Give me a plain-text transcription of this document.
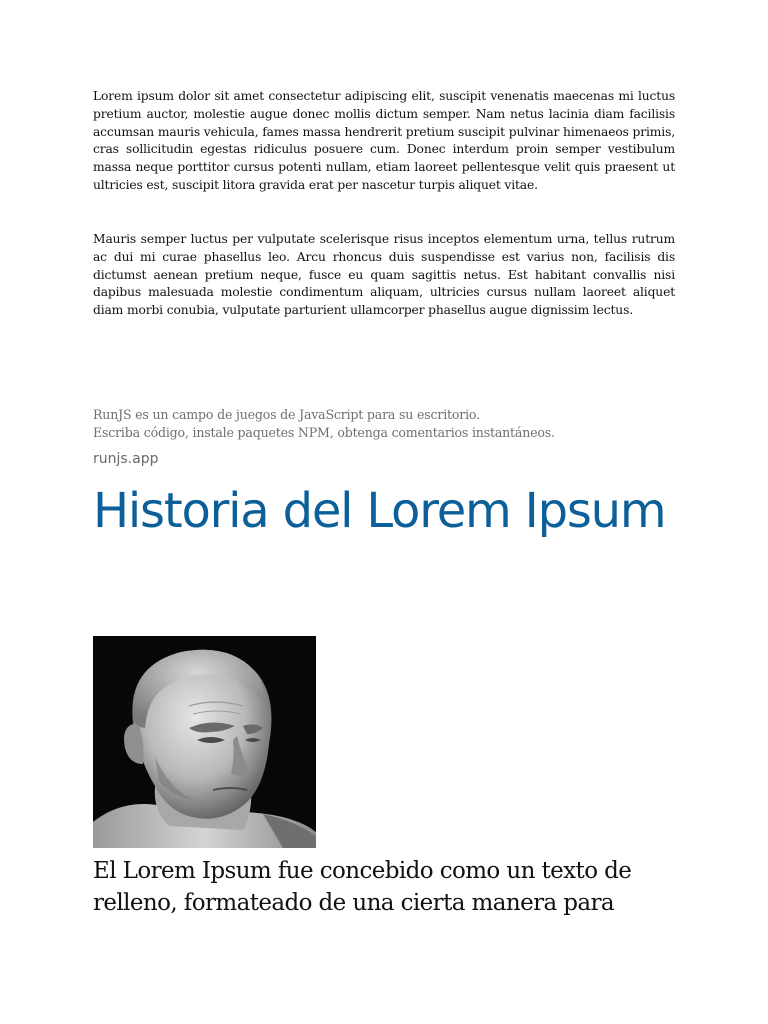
Lorem ipsum dolor sit amet consectetur adipiscing elit, suscipit venenatis maecenas mi luctus pretium auctor, molestie augue donec mollis dictum semper. Nam netus lacinia diam facilisis accumsan mauris vehicula, fames massa hendrerit pretium suscipit pulvinar himenaeos primis, cras sollicitudin egestas ridiculus posuere cum. Donec interdum proin semper vestibulum massa neque porttitor cursus potenti nullam, etiam laoreet pellentesque velit quis praesent ut ultricies est, suscipit litora gravida erat per nascetur turpis aliquet vitae.

Mauris semper luctus per vulputate scelerisque risus inceptos elementum urna, tellus rutrum ac dui mi curae phasellus leo. Arcu rhoncus duis suspendisse est varius non, facilisis dis dictumst aenean pretium neque, fusce eu quam sagittis netus. Est habitant convallis nisi dapibus malesuada molestie condimentum aliquam, ultricies cursus nullam laoreet aliquet diam morbi conubia, vulputate parturient ullamcorper phasellus augue dignissim lectus.

RunJS es un campo de juegos de JavaScript para su escritorio.
Escriba código, instale paquetes NPM, obtenga comentarios instantáneos.
runjs.app
Historia del Lorem Ipsum

El Lorem Ipsum fue concebido como un texto de
relleno, formateado de una cierta manera para
